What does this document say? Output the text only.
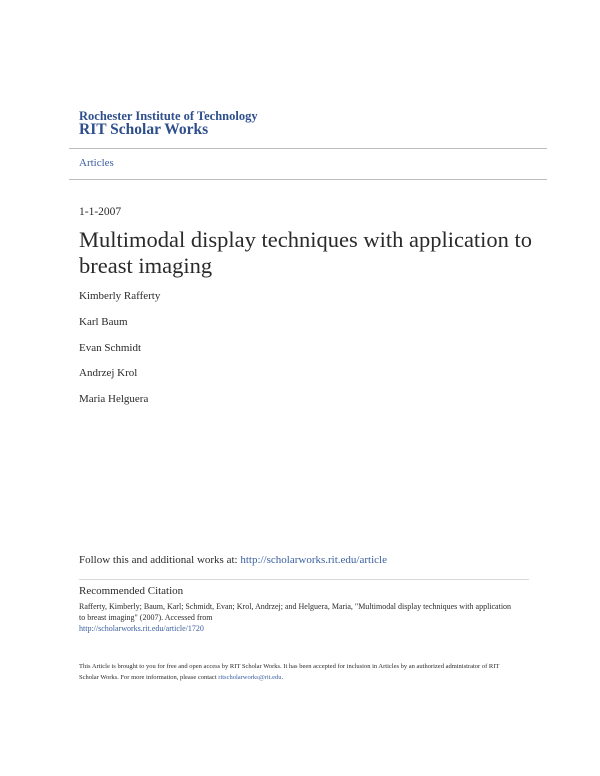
Rochester Institute of Technology
RIT Scholar Works
Articles
1-1-2007
Multimodal display techniques with application to breast imaging
Kimberly Rafferty
Karl Baum
Evan Schmidt
Andrzej Krol
Maria Helguera
Follow this and additional works at: http://scholarworks.rit.edu/article
Recommended Citation
Rafferty, Kimberly; Baum, Karl; Schmidt, Evan; Krol, Andrzej; and Helguera, Maria, "Multimodal display techniques with application to breast imaging" (2007). Accessed from
http://scholarworks.rit.edu/article/1720
This Article is brought to you for free and open access by RIT Scholar Works. It has been accepted for inclusion in Articles by an authorized administrator of RIT Scholar Works. For more information, please contact ritscholarworks@rit.edu.
